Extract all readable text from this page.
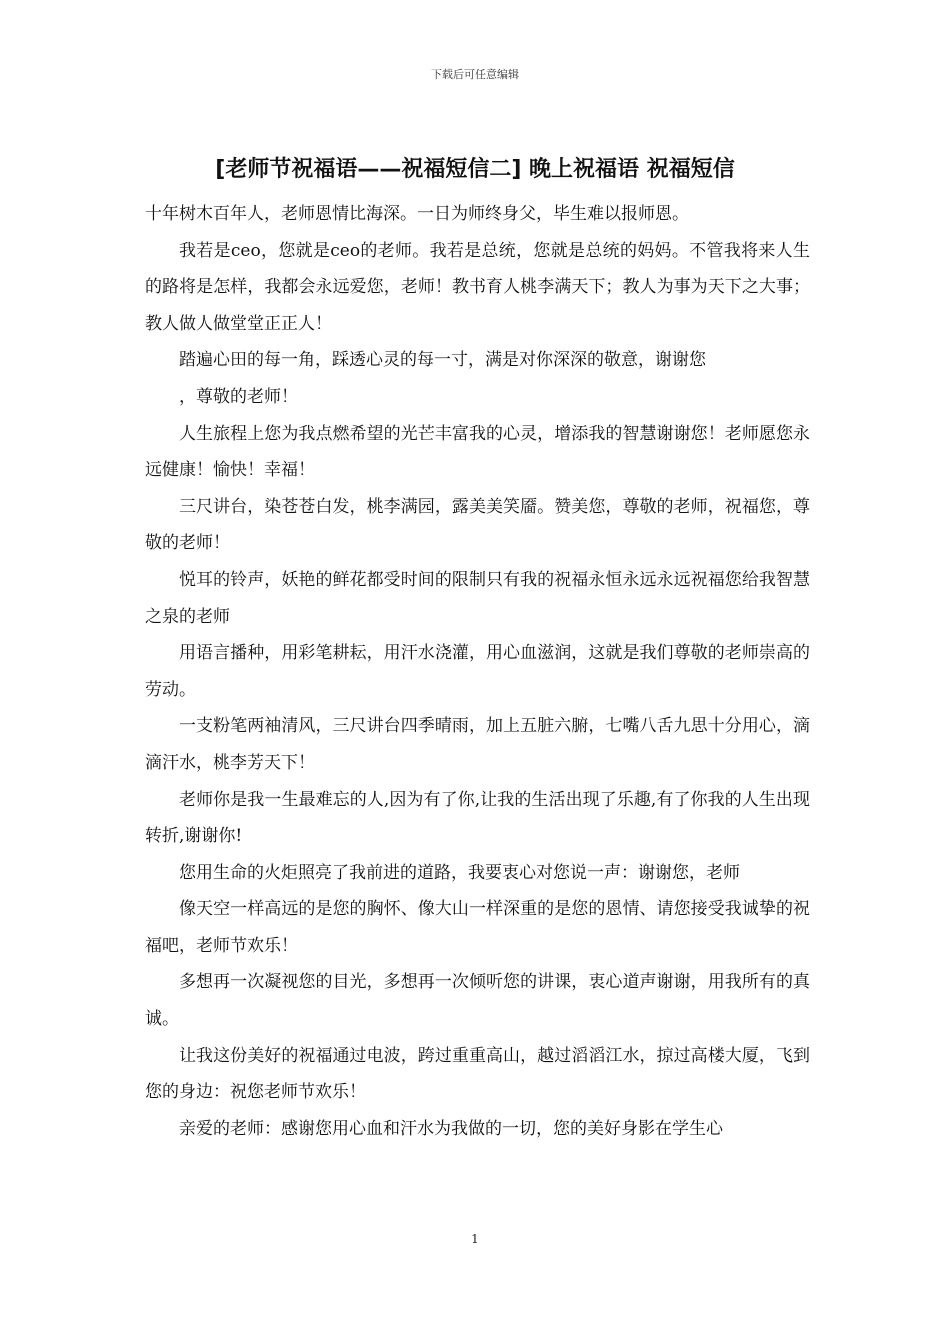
下载后可任意编辑
[老师节祝福语——祝福短信二] 晚上祝福语 祝福短信

十年树木百年人，老师恩情比海深。一日为师终身父，毕生难以报师恩。

我若是ceo，您就是ceo的老师。我若是总统，您就是总统的妈妈。不管我将来人生的路将是怎样，我都会永远爱您，老师！教书育人桃李满天下；教人为事为天下之大事；教人做人做堂堂正正人！

踏遍心田的每一角，踩透心灵的每一寸，满是对你深深的敬意，谢谢您

，尊敬的老师！

人生旅程上您为我点燃希望的光芒丰富我的心灵，增添我的智慧谢谢您！老师愿您永远健康！愉快！幸福！

三尺讲台，染苍苍白发，桃李满园，露美美笑靥。赞美您，尊敬的老师，祝福您，尊敬的老师！

悦耳的铃声，妖艳的鲜花都受时间的限制只有我的祝福永恒永远永远祝福您给我智慧之泉的老师

用语言播种，用彩笔耕耘，用汗水浇灌，用心血滋润，这就是我们尊敬的老师崇高的劳动。

一支粉笔两袖清风，三尺讲台四季晴雨，加上五脏六腑，七嘴八舌九思十分用心，滴滴汗水，桃李芳天下！

老师你是我一生最难忘的人,因为有了你,让我的生活出现了乐趣,有了你我的人生出现转折,谢谢你!

您用生命的火炬照亮了我前进的道路，我要衷心对您说一声：谢谢您，老师

像天空一样高远的是您的胸怀、像大山一样深重的是您的恩情、请您接受我诚挚的祝福吧，老师节欢乐！

多想再一次凝视您的目光，多想再一次倾听您的讲课，衷心道声谢谢，用我所有的真诚。

让我这份美好的祝福通过电波，跨过重重高山，越过滔滔江水，掠过高楼大厦，飞到您的身边：祝您老师节欢乐！

亲爱的老师：感谢您用心血和汗水为我做的一切，您的美好身影在学生心

1
